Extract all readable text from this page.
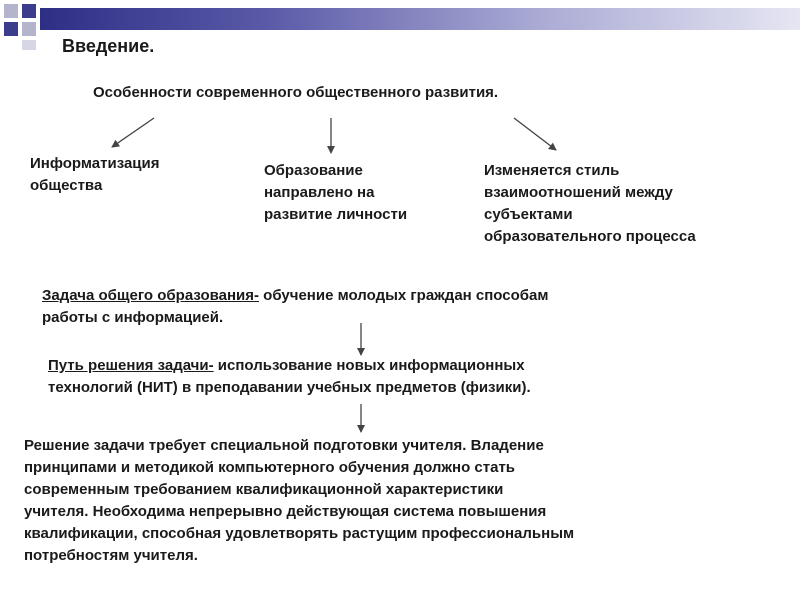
Введение.
Особенности современного общественного развития.
Информатизация
общества
Образование
направлено на
развитие личности
Изменяется стиль
взаимоотношений между
субъектами
образовательного процесса
Задача общего образования- обучение молодых граждан способам
работы с информацией.
Путь решения задачи- использование новых информационных
технологий (НИТ) в преподавании учебных предметов (физики).
Решение задачи требует специальной подготовки учителя. Владение
принципами и методикой компьютерного обучения должно стать
современным требованием квалификационной характеристики
учителя. Необходима непрерывно действующая система повышения
квалификации, способная удовлетворять растущим профессиональным
потребностям учителя.
